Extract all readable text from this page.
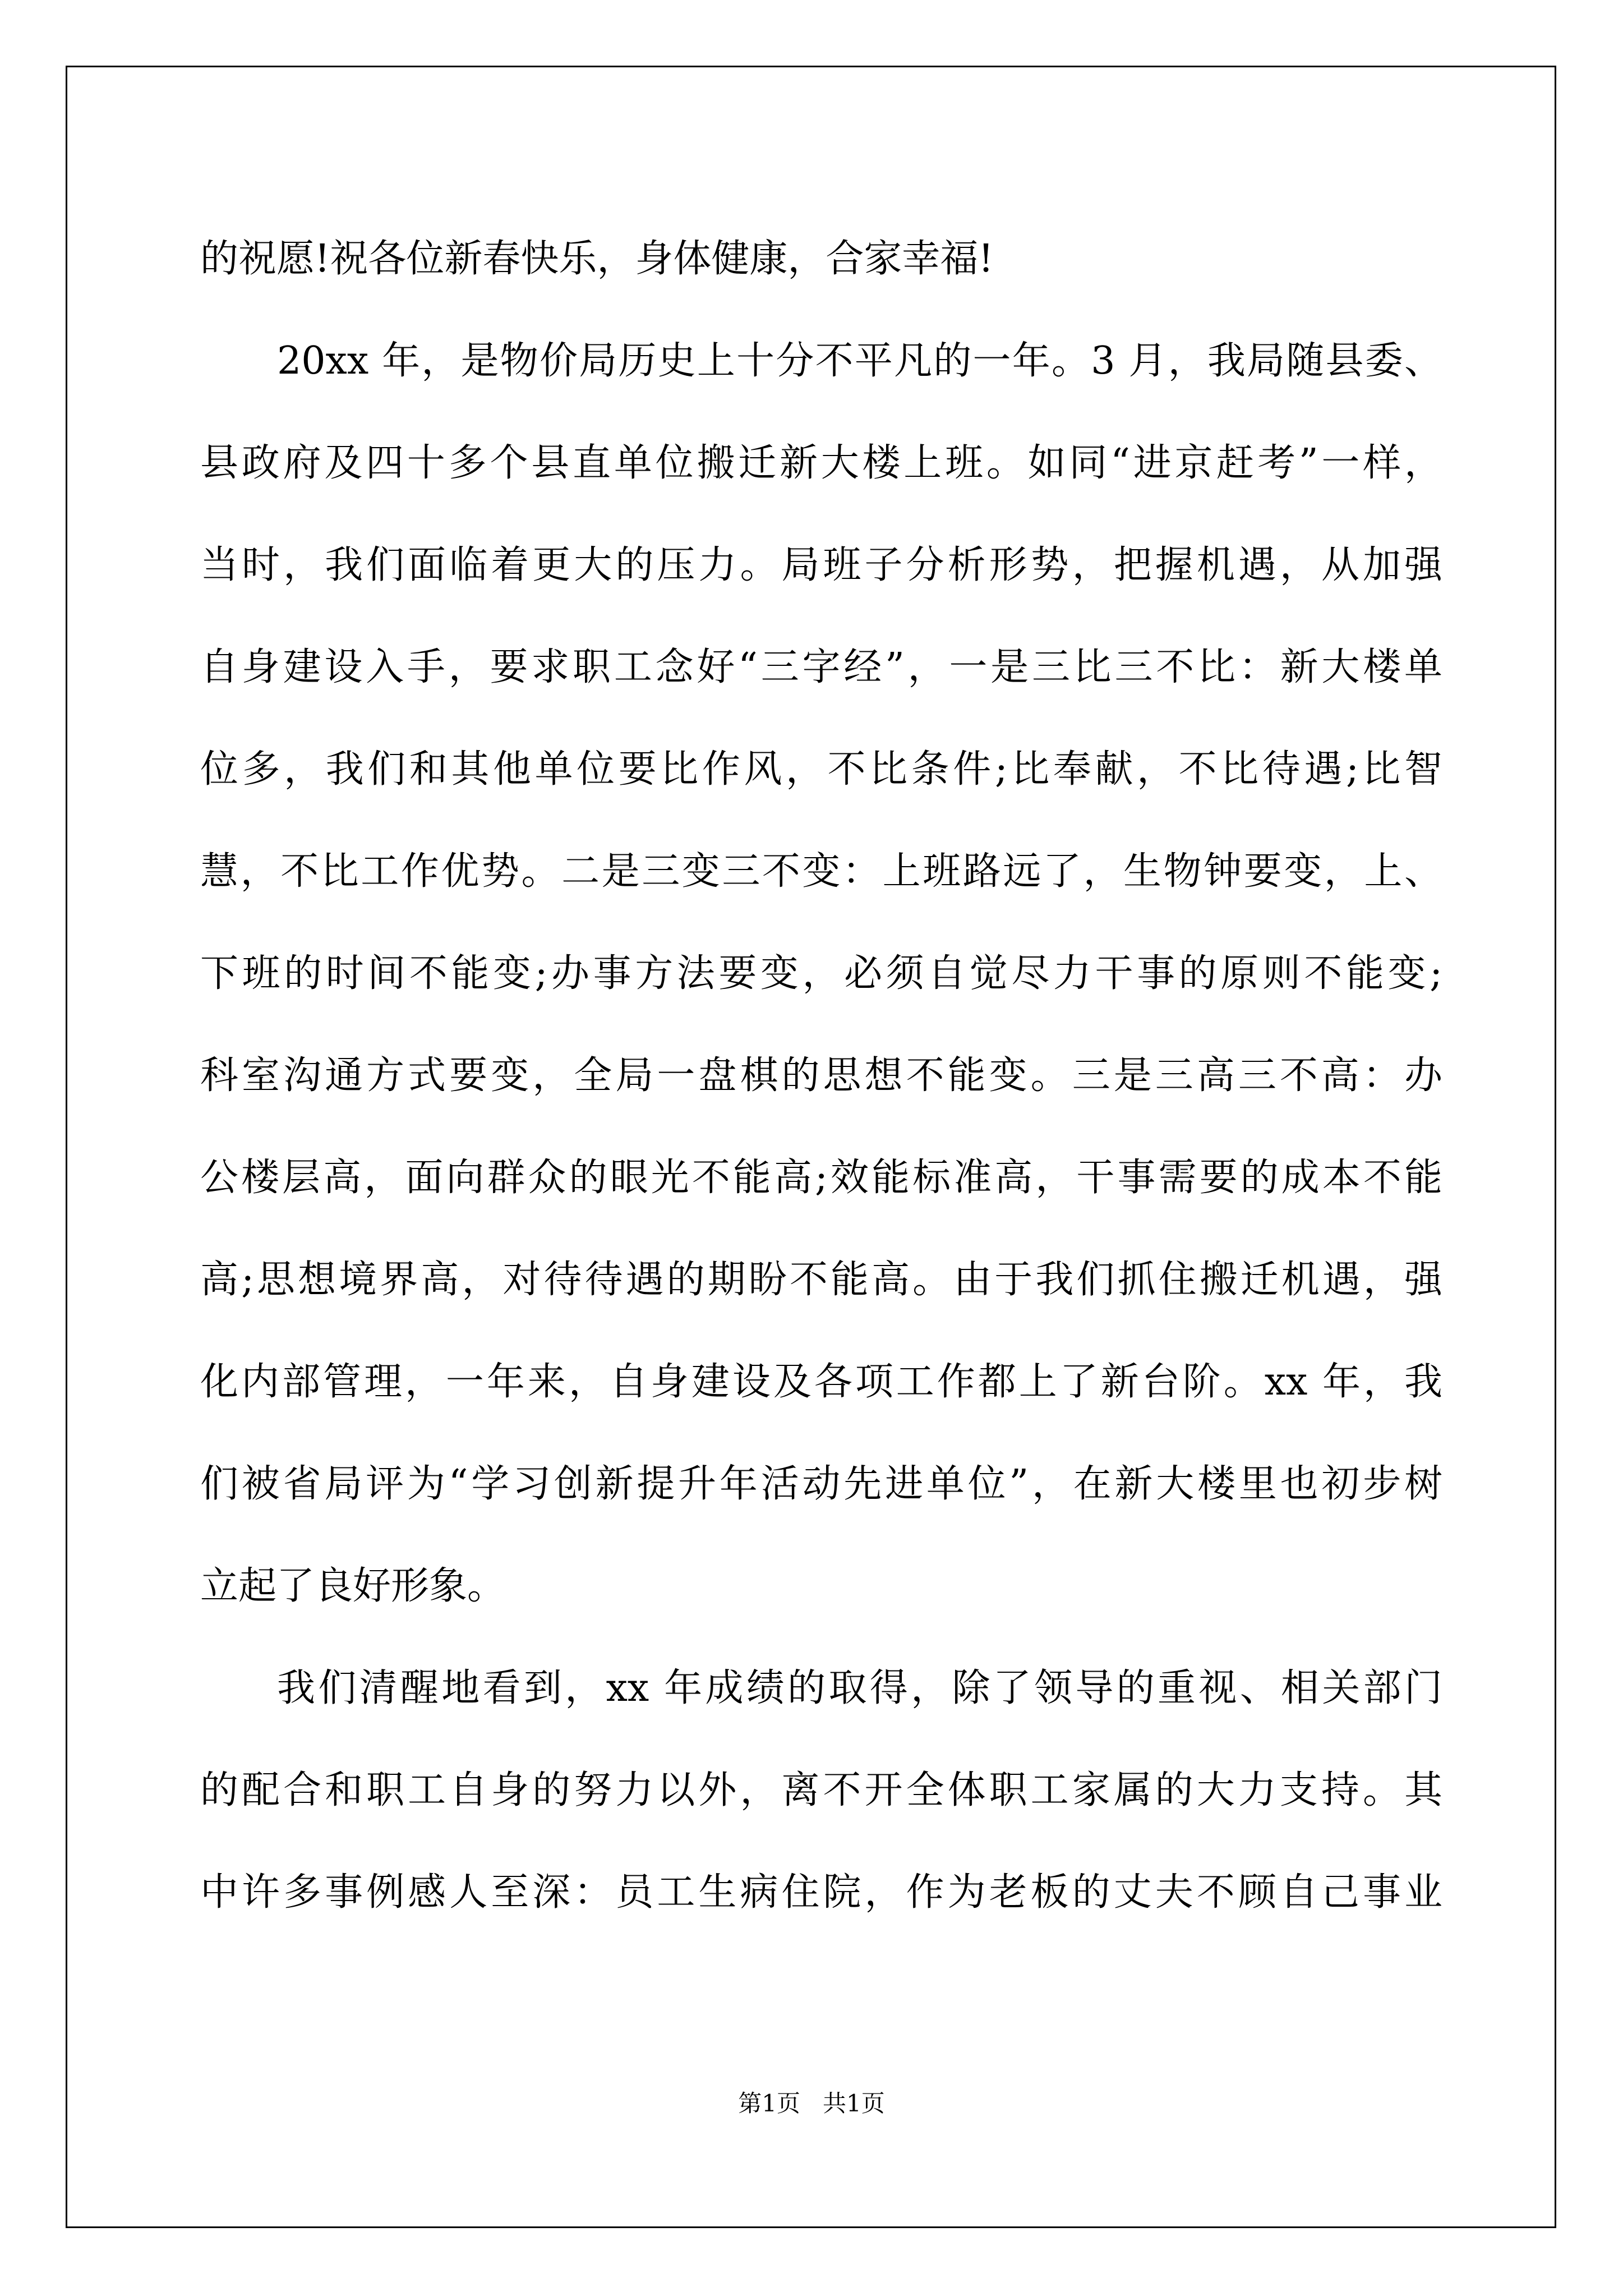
的祝愿!祝各位新春快乐，身体健康，合家幸福!
20xx 年，是物价局历史上十分不平凡的一年。3 月，我局随县委、
县政府及四十多个县直单位搬迁新大楼上班。如同“进京赶考”一样，
当时，我们面临着更大的压力。局班子分析形势，把握机遇，从加强
自身建设入手，要求职工念好“三字经”，一是三比三不比：新大楼单
位多，我们和其他单位要比作风，不比条件;比奉献，不比待遇;比智
慧，不比工作优势。二是三变三不变：上班路远了，生物钟要变，上、
下班的时间不能变;办事方法要变，必须自觉尽力干事的原则不能变;
科室沟通方式要变，全局一盘棋的思想不能变。三是三高三不高：办
公楼层高，面向群众的眼光不能高;效能标准高，干事需要的成本不能
高;思想境界高，对待待遇的期盼不能高。由于我们抓住搬迁机遇，强
化内部管理，一年来，自身建设及各项工作都上了新台阶。xx 年，我
们被省局评为“学习创新提升年活动先进单位”，在新大楼里也初步树
立起了良好形象。
我们清醒地看到，xx 年成绩的取得，除了领导的重视、相关部门
的配合和职工自身的努力以外，离不开全体职工家属的大力支持。其
中许多事例感人至深：员工生病住院，作为老板的丈夫不顾自己事业
第1页   共1页
